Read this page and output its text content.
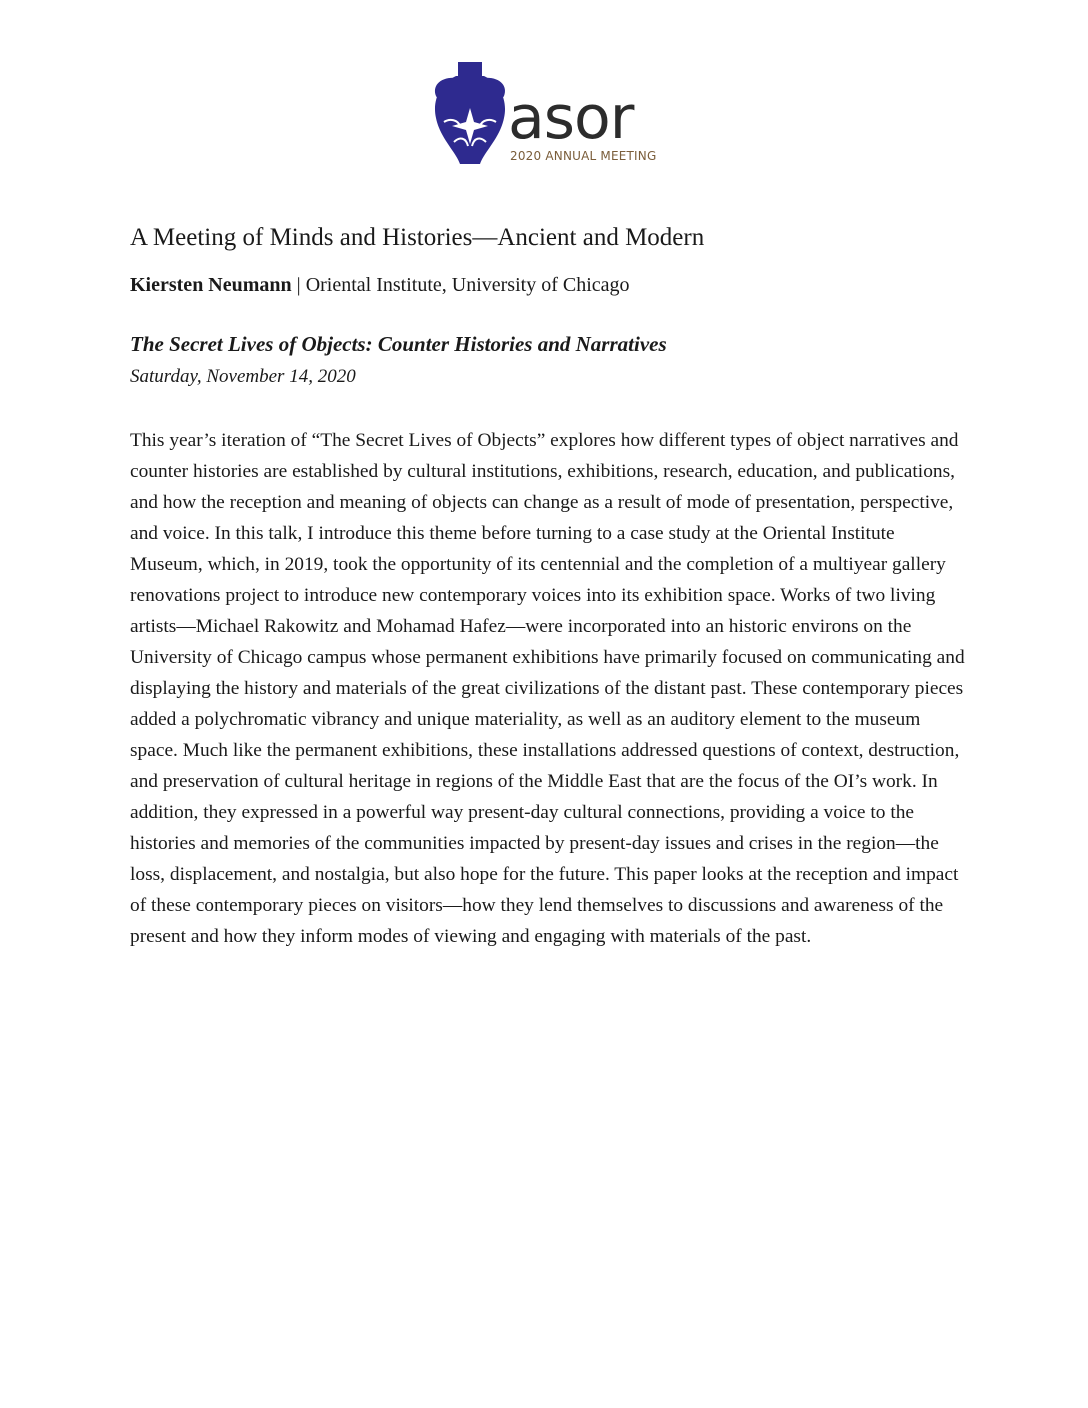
asor
2020 ANNUAL MEETING
A Meeting of Minds and Histories—Ancient and Modern
Kiersten Neumann | Oriental Institute, University of Chicago
The Secret Lives of Objects: Counter Histories and Narratives
Saturday, November 14, 2020

This year’s iteration of “The Secret Lives of Objects” explores how different types of object narratives and counter histories are established by cultural institutions, exhibitions, research, education, and publications, and how the reception and meaning of objects can change as a result of mode of presentation, perspective, and voice. In this talk, I introduce this theme before turning to a case study at the Oriental Institute Museum, which, in 2019, took the opportunity of its centennial and the completion of a multiyear gallery renovations project to introduce new contemporary voices into its exhibition space. Works of two living artists—Michael Rakowitz and Mohamad Hafez—were incorporated into an historic environs on the University of Chicago campus whose permanent exhibitions have primarily focused on communicating and displaying the history and materials of the great civilizations of the distant past. These contemporary pieces added a polychromatic vibrancy and unique materiality, as well as an auditory element to the museum space. Much like the permanent exhibitions, these installations addressed questions of context, destruction, and preservation of cultural heritage in regions of the Middle East that are the focus of the OI’s work. In addition, they expressed in a powerful way present-day cultural connections, providing a voice to the histories and memories of the communities impacted by present-day issues and crises in the region—the loss, displacement, and nostalgia, but also hope for the future. This paper looks at the reception and impact of these contemporary pieces on visitors—how they lend themselves to discussions and awareness of the present and how they inform modes of viewing and engaging with materials of the past.
